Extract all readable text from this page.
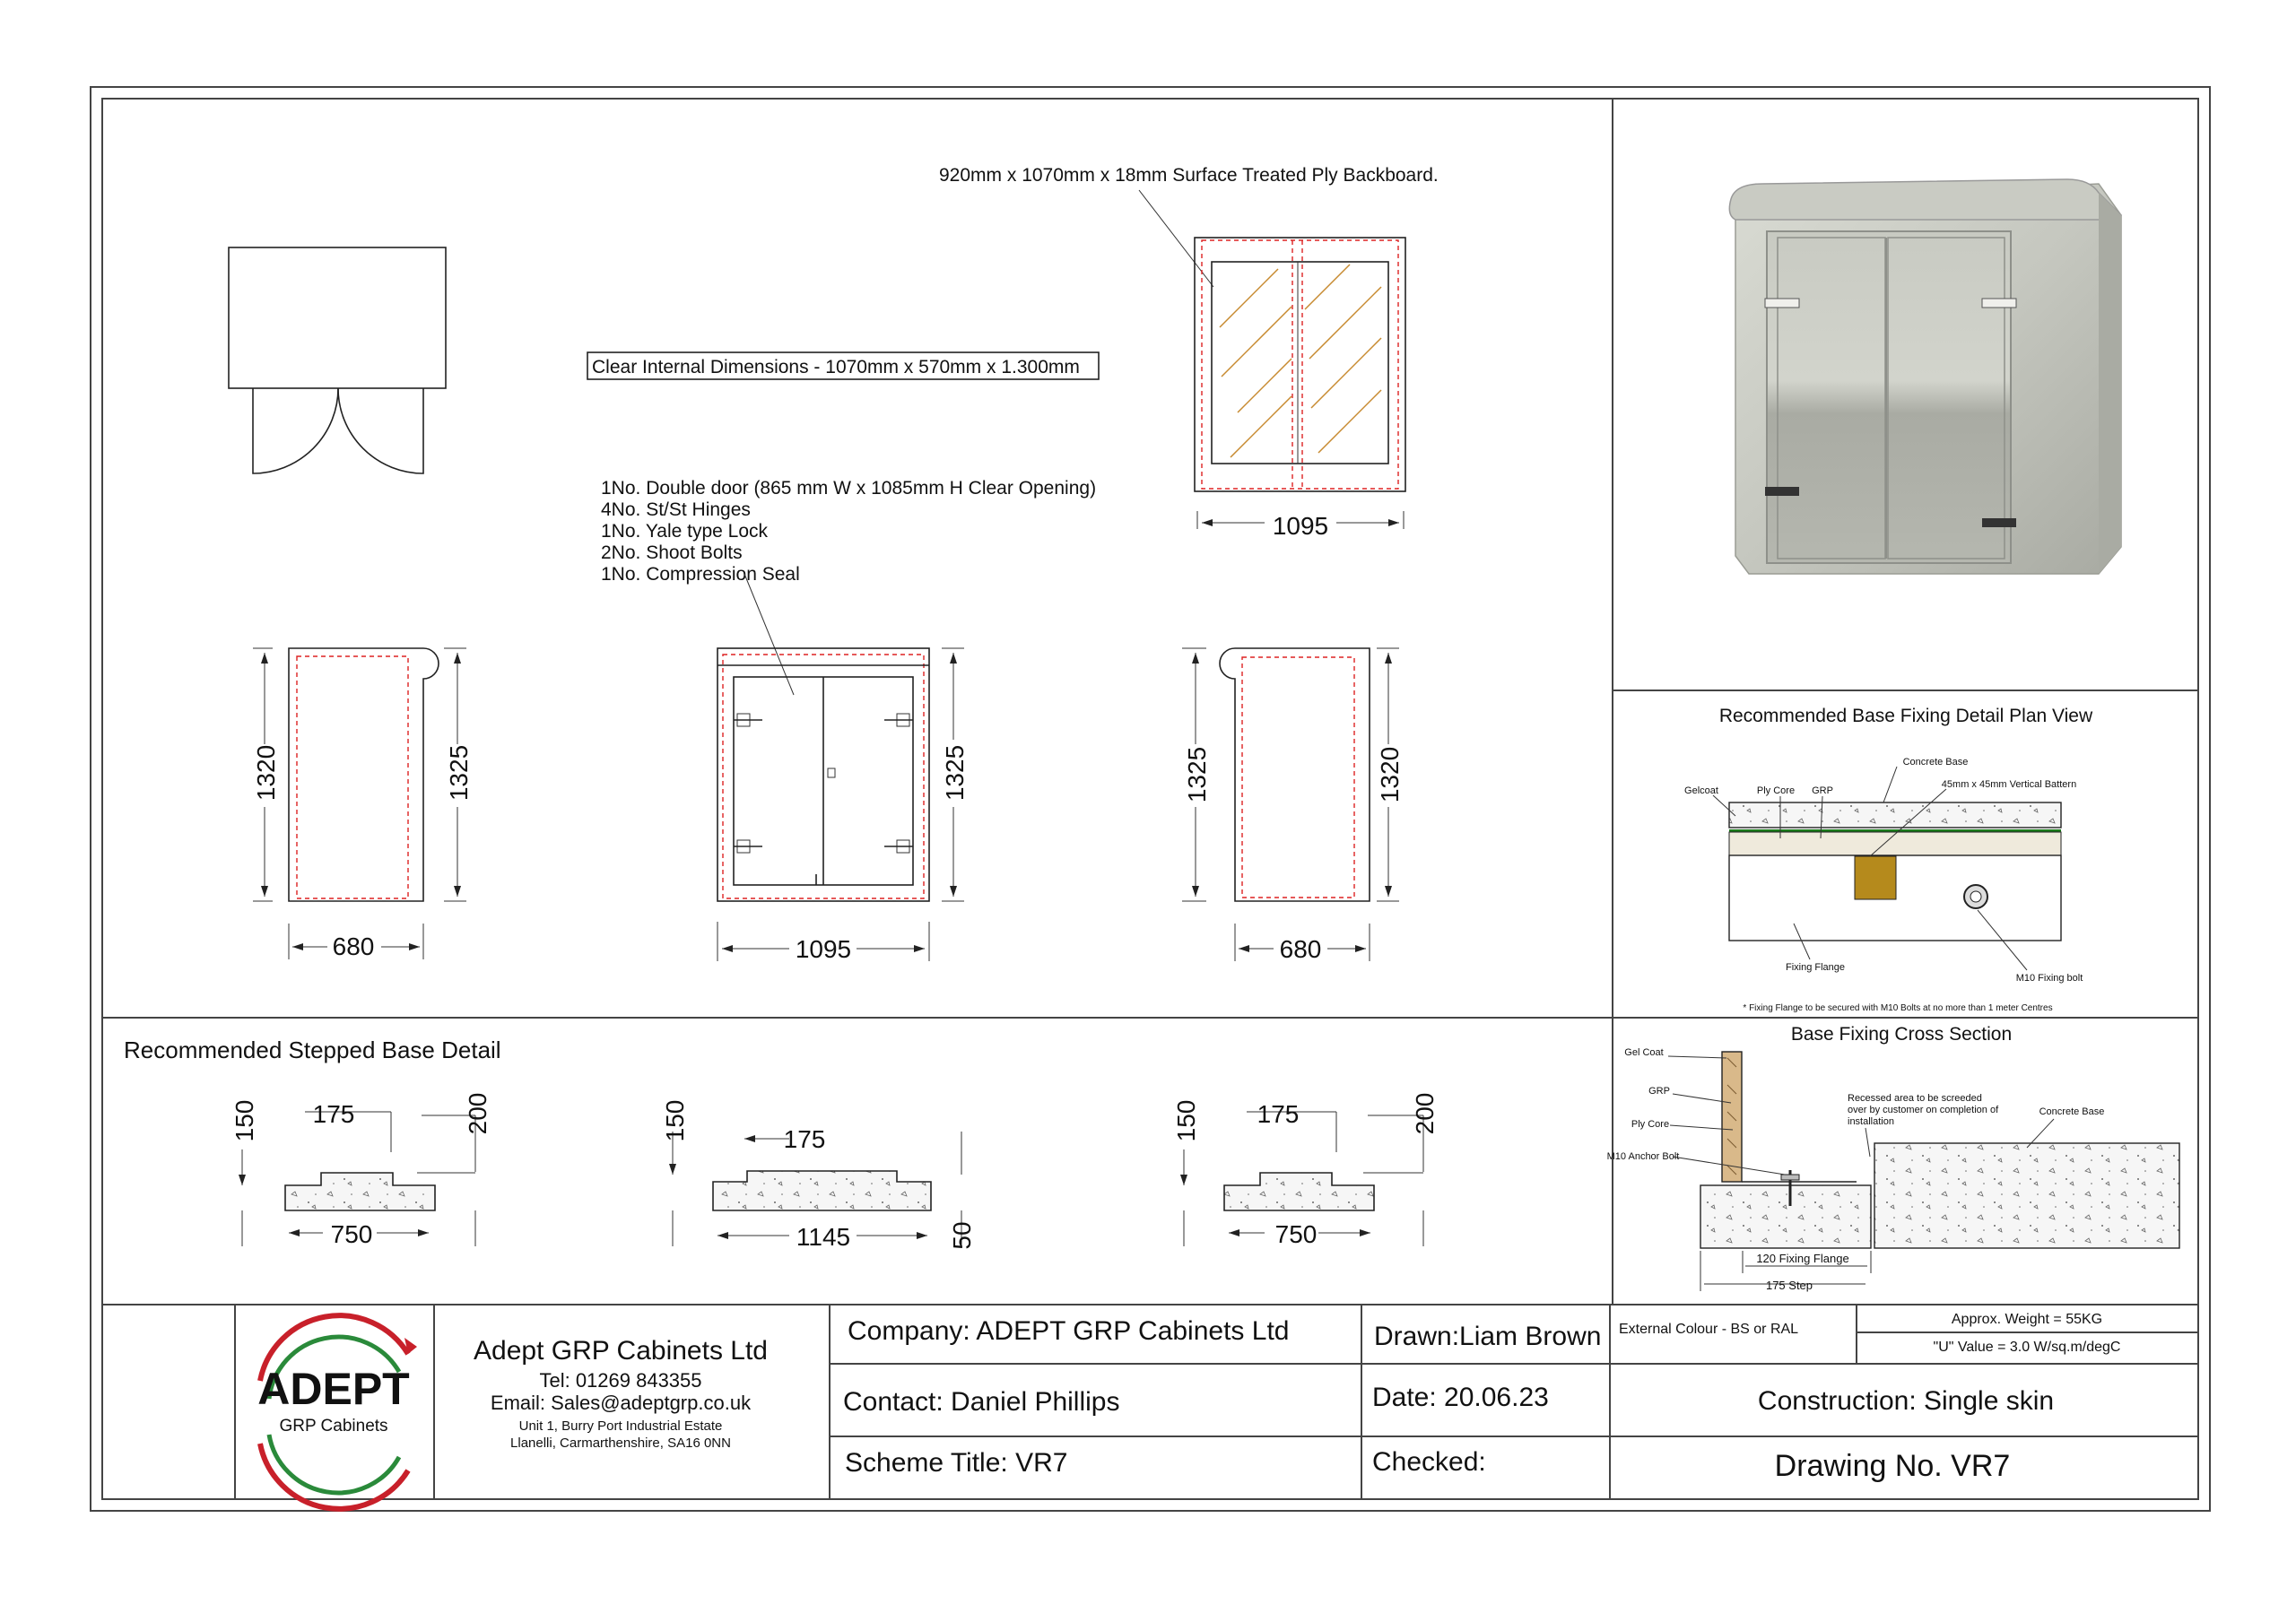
Clear Internal Dimensions - 1070mm x 570mm x 1.300mm
920mm x 1070mm x 18mm Surface Treated Ply Backboard.
1095
1No. Double door (865 mm W x 1085mm H Clear Opening)
4No. St/St Hinges
1No. Yale type Lock
2No. Shoot Bolts
1No. Compression Seal
1320	1325
680
1325
1095
1325	1320
680
Recommended Base Fixing Detail Plan View
Concrete Base
45mm x 45mm Vertical Battern
Gelcoat	Ply Core GRP
Fixing Flange
M10 Fixing bolt
* Fixing Flange to be secured with M10 Bolts at no more than 1 meter Centres
Base Fixing Cross Section
Gel Coat
GRP
Ply Core
M10 Anchor Bolt
Recessed area to be screeded
over by customer on completion of
installation
Concrete Base
120 Fixing Flange
175 Step
Recommended Stepped Base Detail
150 175	200
750
150	175
50
1145
150 175	200
750
ADEPT
GRP Cabinets
Adept GRP Cabinets Ltd
Tel: 01269 843355
Email: Sales@adeptgrp.co.uk
Unit 1, Burry Port Industrial Estate
Llanelli, Carmarthenshire, SA16 0NN
Company: ADEPT GRP Cabinets Ltd
Contact: Daniel Phillips
Scheme Title: VR7
Drawn:Liam Brown
Date: 20.06.23
Checked:
External Colour - BS or RAL
Approx. Weight = 55KG
"U" Value = 3.0 W/sq.m/degC
Construction: Single skin
Drawing No. VR7
